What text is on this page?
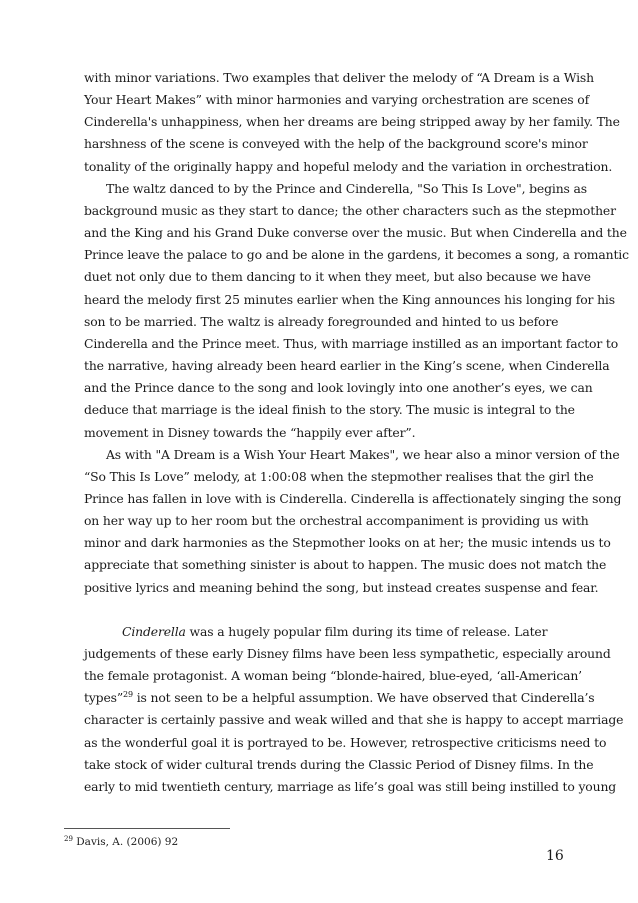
with minor variations. Two examples that deliver the melody of “A Dream is a Wish
Your Heart Makes” with minor harmonies and varying orchestration are scenes of
Cinderella's unhappiness, when her dreams are being stripped away by her family. The
harshness of the scene is conveyed with the help of the background score's minor
tonality of the originally happy and hopeful melody and the variation in orchestration.
The waltz danced to by the Prince and Cinderella, "So This Is Love", begins as
background music as they start to dance; the other characters such as the stepmother
and the King and his Grand Duke converse over the music. But when Cinderella and the
Prince leave the palace to go and be alone in the gardens, it becomes a song, a romantic
duet not only due to them dancing to it when they meet, but also because we have
heard the melody first 25 minutes earlier when the King announces his longing for his
son to be married. The waltz is already foregrounded and hinted to us before
Cinderella and the Prince meet. Thus, with marriage instilled as an important factor to
the narrative, having already been heard earlier in the King’s scene, when Cinderella
and the Prince dance to the song and look lovingly into one another’s eyes, we can
deduce that marriage is the ideal finish to the story. The music is integral to the
movement in Disney towards the “happily ever after”.
As with "A Dream is a Wish Your Heart Makes", we hear also a minor version of the
“So This Is Love” melody, at 1:00:08 when the stepmother realises that the girl the
Prince has fallen in love with is Cinderella. Cinderella is affectionately singing the song
on her way up to her room but the orchestral accompaniment is providing us with
minor and dark harmonies as the Stepmother looks on at her; the music intends us to
appreciate that something sinister is about to happen. The music does not match the
positive lyrics and meaning behind the song, but instead creates suspense and fear.
Cinderella was a hugely popular film during its time of release. Later
judgements of these early Disney films have been less sympathetic, especially around
the female protagonist. A woman being “blonde-haired, blue-eyed, ‘all-American’
types”$^{29}$ is not seen to be a helpful assumption. We have observed that Cinderella’s
character is certainly passive and weak willed and that she is happy to accept marriage
as the wonderful goal it is portrayed to be. However, retrospective criticisms need to
take stock of wider cultural trends during the Classic Period of Disney films. In the
early to mid twentieth century, marriage as life’s goal was still being instilled to young
$^{29}$ Davis, A. (2006) 92
16
